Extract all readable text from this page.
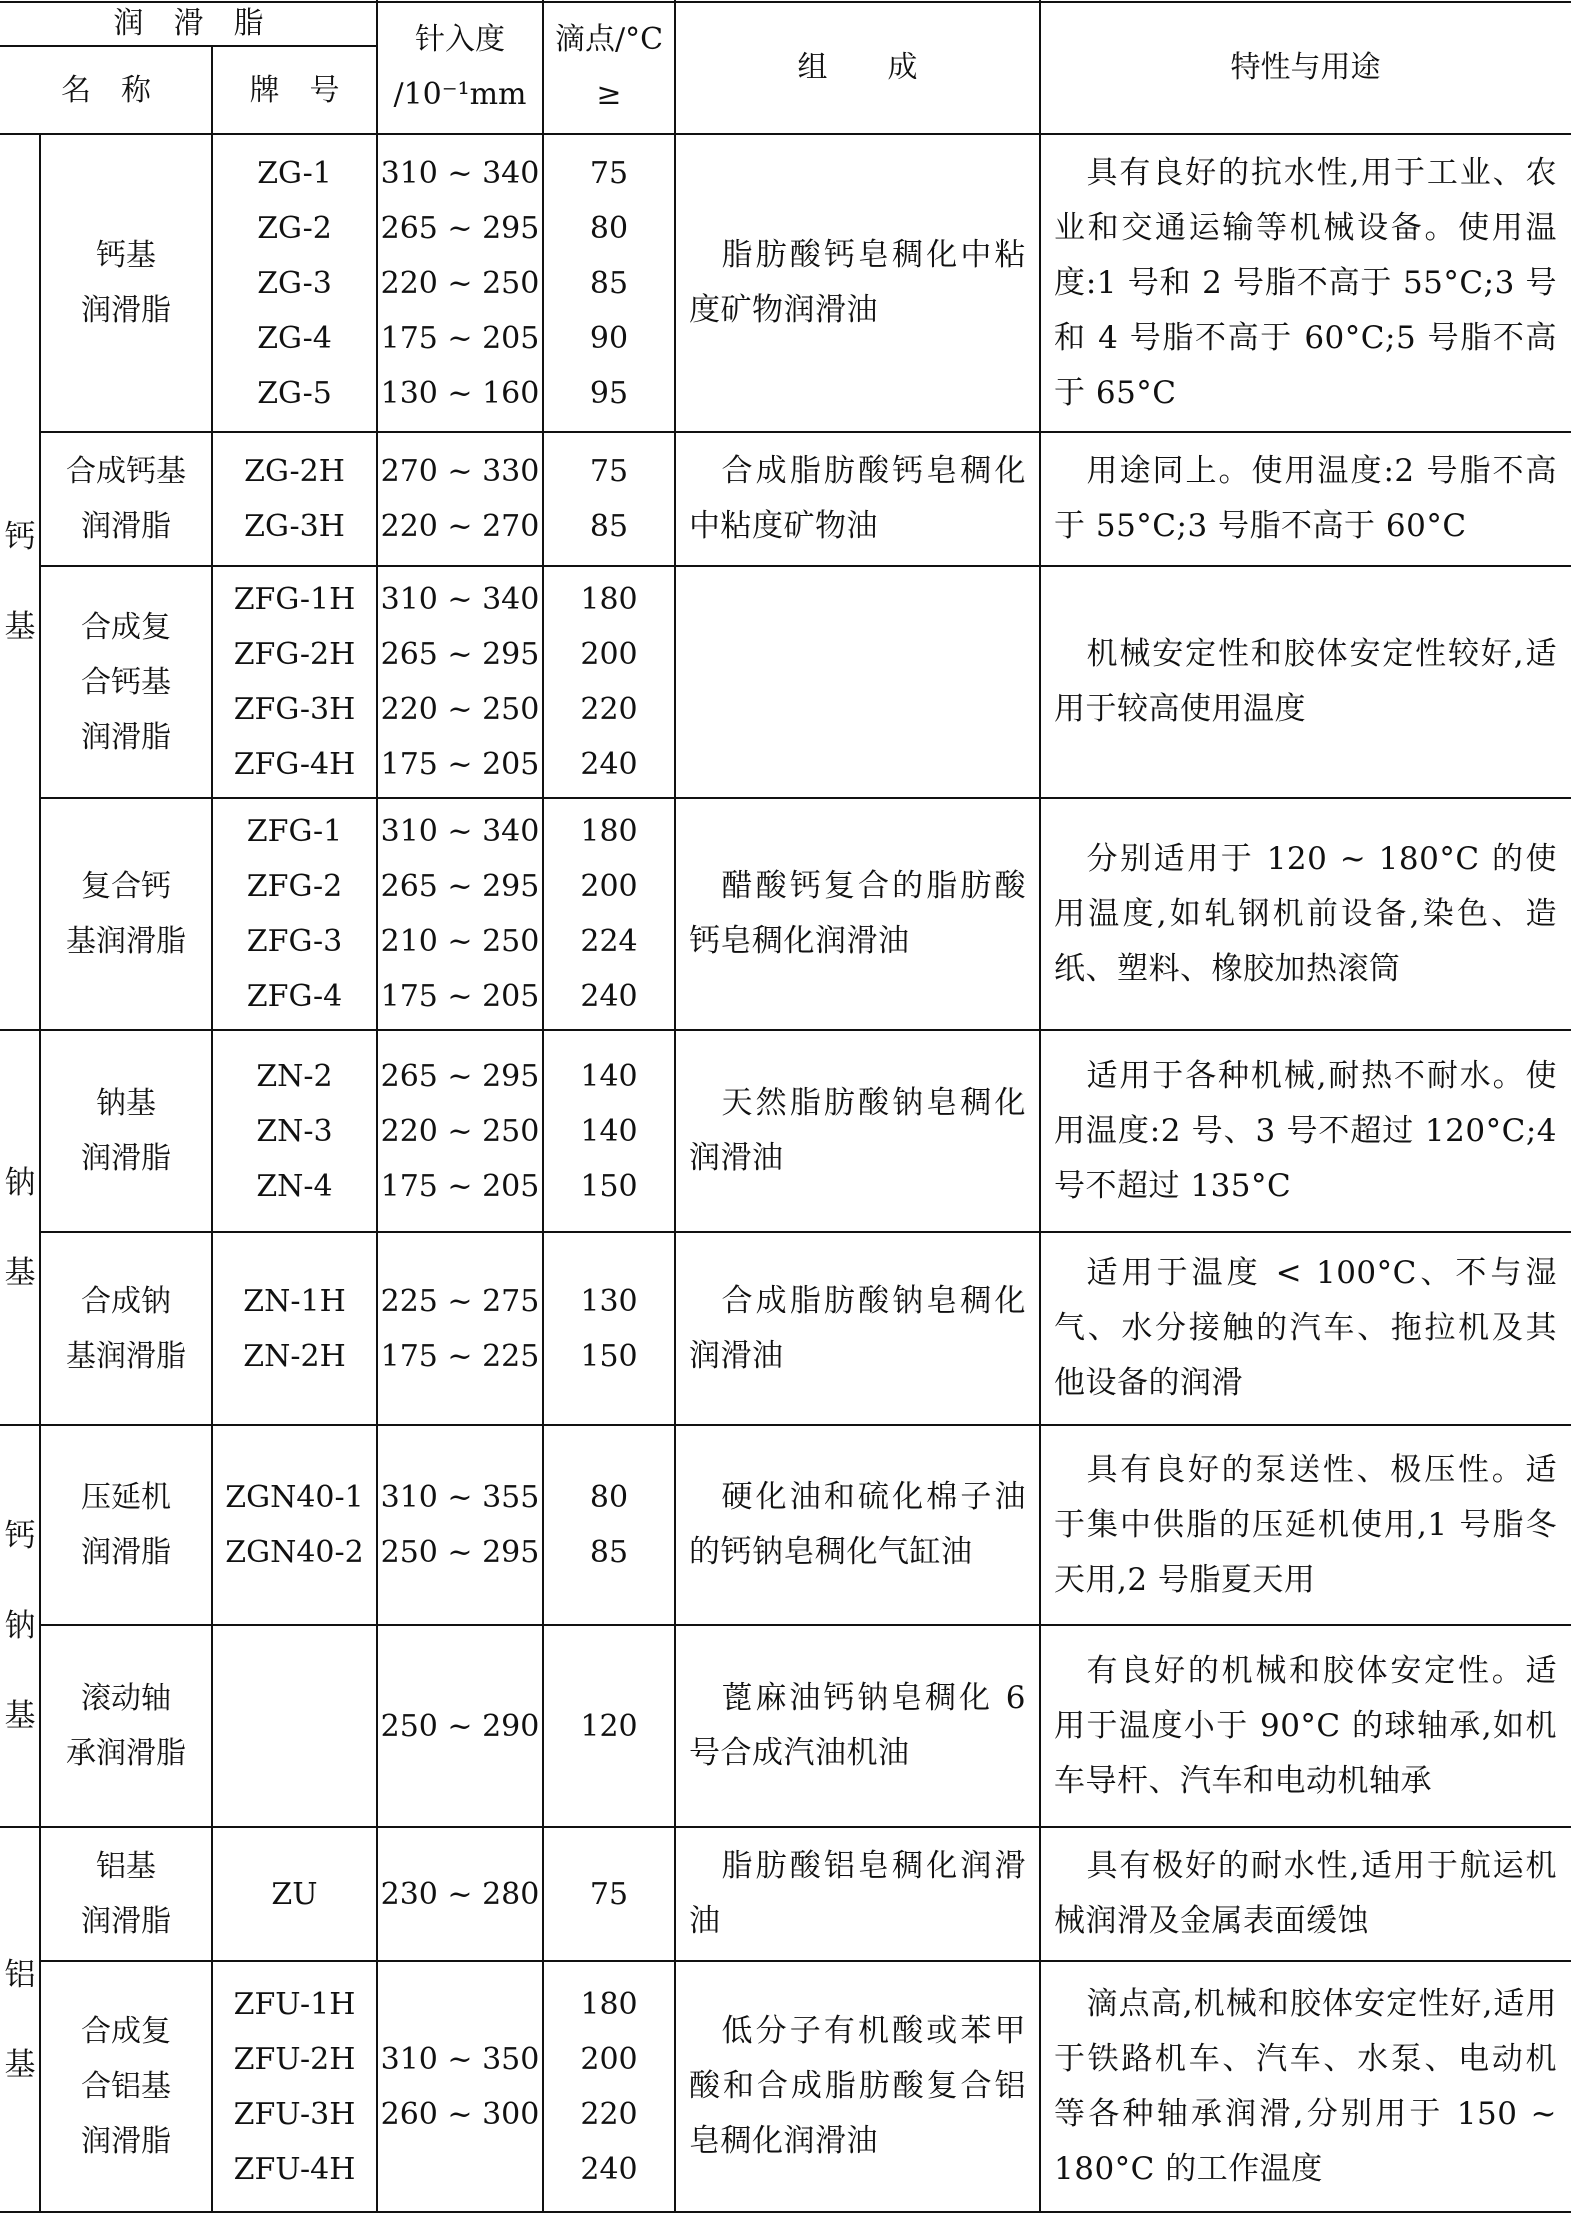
润　滑　脂
名　称	牌　号
针入度
/10⁻¹mm
滴点/°C
≥
组　　成	特性与用途
钙
基
钙基
润滑脂
ZG-1
ZG-2
ZG-3
ZG-4
ZG-5
310 ~ 340
265 ~ 295
220 ~ 250
175 ~ 205
130 ~ 160
75
80
85
90
95
脂肪酸钙皂稠化中粘度矿物润滑油
具有良好的抗水性,用于工业、农业和交通运输等机械设备。使用温度:1 号和 2 号脂不高于 55°C;3 号和 4 号脂不高于 60°C;5 号脂不高于 65°C
合成钙基
润滑脂
ZG-2H
ZG-3H
270 ~ 330
220 ~ 270
75
85
合成脂肪酸钙皂稠化中粘度矿物油
用途同上。使用温度:2 号脂不高于 55°C;3 号脂不高于 60°C
合成复
合钙基
润滑脂
ZFG-1H
ZFG-2H
ZFG-3H
ZFG-4H
310 ~ 340
265 ~ 295
220 ~ 250
175 ~ 205
180
200
220
240
机械安定性和胶体安定性较好,适用于较高使用温度
复合钙
基润滑脂
ZFG-1
ZFG-2
ZFG-3
ZFG-4
310 ~ 340
265 ~ 295
210 ~ 250
175 ~ 205
180
200
224
240
醋酸钙复合的脂肪酸钙皂稠化润滑油
分别适用于 120 ~ 180°C 的使用温度,如轧钢机前设备,染色、造纸、塑料、橡胶加热滚筒
钠
基
钠基
润滑脂
ZN-2
ZN-3
ZN-4
265 ~ 295
220 ~ 250
175 ~ 205
140
140
150
天然脂肪酸钠皂稠化润滑油
适用于各种机械,耐热不耐水。使用温度:2 号、3 号不超过 120°C;4 号不超过 135°C
合成钠
基润滑脂
ZN-1H
ZN-2H
225 ~ 275
175 ~ 225
130
150
合成脂肪酸钠皂稠化润滑油
适用于温度 < 100°C、不与湿气、水分接触的汽车、拖拉机及其他设备的润滑
钙
钠
基
压延机
润滑脂
ZGN40-1
ZGN40-2
310 ~ 355
250 ~ 295
80
85
硬化油和硫化棉子油的钙钠皂稠化气缸油
具有良好的泵送性、极压性。适于集中供脂的压延机使用,1 号脂冬天用,2 号脂夏天用
滚动轴
承润滑脂
250 ~ 290 120
蓖麻油钙钠皂稠化 6 号合成汽油机油
有良好的机械和胶体安定性。适用于温度小于 90°C 的球轴承,如机车导杆、汽车和电动机轴承
铝
基
铝基
润滑脂
ZU 230 ~ 280 75
脂肪酸铝皂稠化润滑油
具有极好的耐水性,适用于航运机械润滑及金属表面缓蚀
合成复
合铝基
润滑脂
ZFU-1H
ZFU-2H
ZFU-3H
ZFU-4H
310 ~ 350
260 ~ 300
180
200
220
240
低分子有机酸或苯甲酸和合成脂肪酸复合铝皂稠化润滑油
滴点高,机械和胶体安定性好,适用于铁路机车、汽车、水泵、电动机等各种轴承润滑,分别用于 150 ~ 180°C 的工作温度
